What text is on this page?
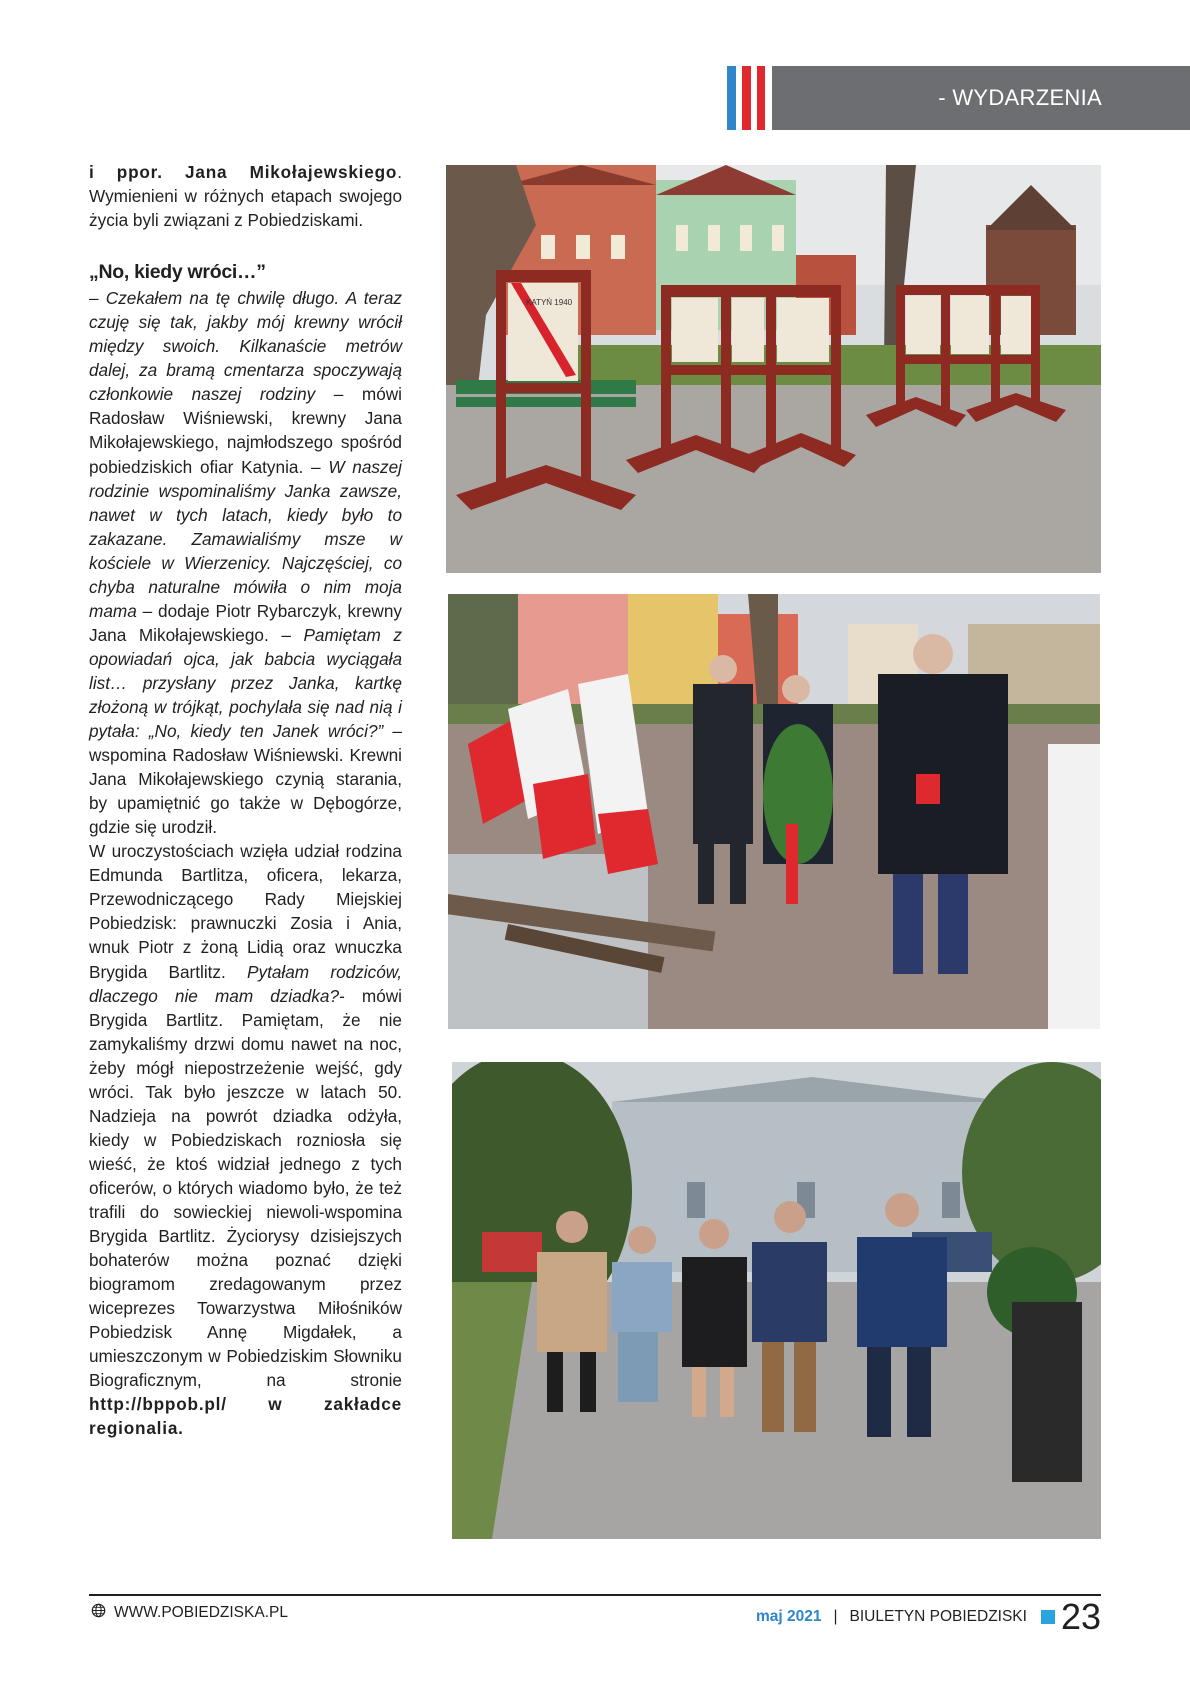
- WYDARZENIA

i ppor. Jana Mikołajewskiego. Wymienieni w różnych etapach swojego życia byli związani z Pobiedziskami.

„No, kiedy wróci…”

– Czekałem na tę chwilę długo. A teraz czuję się tak, jakby mój krewny wrócił między swoich. Kilkanaście metrów dalej, za bramą cmentarza spoczywają członkowie naszej rodziny – mówi Radosław Wiśniewski, krewny Jana Mikołajewskiego, najmłodszego spośród pobiedziskich ofiar Katynia. – W naszej rodzinie wspominaliśmy Janka zawsze, nawet w tych latach, kiedy było to zakazane. Zamawialiśmy msze w kościele w Wierzenicy. Najczęściej, co chyba naturalne mówiła o nim moja mama – dodaje Piotr Rybarczyk, krewny Jana Mikołajewskiego. – Pamiętam z opowiadań ojca, jak babcia wyciągała list… przysłany przez Janka, kartkę złożoną w trójkąt, pochylała się nad nią i pytała: „No, kiedy ten Janek wróci?” – wspomina Radosław Wiśniewski. Krewni Jana Mikołajewskiego czynią starania, by upamiętnić go także w Dębogórze, gdzie się urodził.

W uroczystościach wzięła udział rodzina Edmunda Bartlitza, oficera, lekarza, Przewodniczącego Rady Miejskiej Pobiedzisk: prawnuczki Zosia i Ania, wnuk Piotr z żoną Lidią oraz wnuczka Brygida Bartlitz. Pytałam rodziców, dlaczego nie mam dziadka?- mówi Brygida Bartlitz. Pamiętam, że nie zamykaliśmy drzwi domu nawet na noc, żeby mógł niepostrzeżenie wejść, gdy wróci. Tak było jeszcze w latach 50. Nadzieja na powrót dziadka odżyła, kiedy w Pobiedziskach rozniosła się wieść, że ktoś widział jednego z tych oficerów, o których wiadomo było, że też trafili do sowieckiej niewoli-wspomina Brygida Bartlitz. Życiorysy dzisiejszych bohaterów można poznać dzięki biogramom zredagowanym przez wiceprezes Towarzystwa Miłośników Pobiedzisk Annę Migdałek, a umieszczonym w Pobiedziskim Słowniku Biograficznym, na stronie http://bppob.pl/ w zakładce regionalia.

KATYŃ 1940
WWW.POBIEDZISKA.PL	maj 2021 | BIULETYN POBIEDZISKI 23
